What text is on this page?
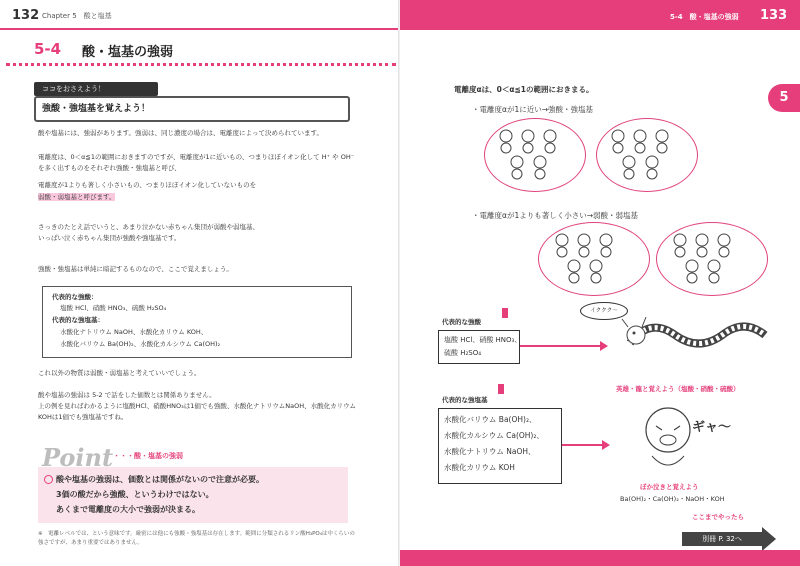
132 Chapter 5　酸と塩基
5-4 酸・塩基の強弱
ココをおさえよう！
強酸・強塩基を覚えよう！
酸や塩基には、強弱があります。強弱は、同じ濃度の場合は、電離度によって決められています。
電離度は、0＜α≦1の範囲におきますのですが、電離度が1に近いもの、つまりほぼイオン化して H⁺ や OH⁻ を多く出すものをそれぞれ強酸・強塩基と呼び、
電離度が1よりも著しく小さいもの、つまりほぼイオン化していないものを
弱酸・弱塩基と呼びます。
さっきのたとえ話でいうと、あまり泣かない赤ちゃん集団が弱酸や弱塩基、
いっぱい泣く赤ちゃん集団が強酸や強塩基です。
強酸・強塩基は単純に暗記するものなので、ここで覚えましょう。
代表的な強酸：
塩酸 HCl、硝酸 HNO₃、硫酸 H₂SO₄
代表的な強塩基：
水酸化ナトリウム NaOH、水酸化カリウム KOH、
水酸化バリウム Ba(OH)₂、水酸化カルシウム Ca(OH)₂
これ以外の物質は弱酸・弱塩基と考えていいでしょう。
酸や塩基の強弱は 5-2 で話をした価数とは関係ありません。
上の例を見ればわかるように塩酸HCl、硝酸HNO₃は1価でも強酸、水酸化ナトリウムNaOH、水酸化カリウムKOHは1価でも強塩基ですね。
Point ・・・酸・塩基の強弱
酸や塩基の強弱は、価数とは関係がないので注意が必要。
3価の酸だから強酸、というわけではない。
あくまで電離度の大小で強弱が決まる。
※　電離レベルでは、という意味です。厳密には他にも強酸・強塩基は存在します。範囲に分類されるリン酸H₃PO₄は中くらいの強さですが、あまり重要ではありません。
5-4　酸・塩基の強弱 133
5
電離度αは、0＜α≦1の範囲におきまる。
・電離度αが1に近い→強酸・強塩基
・電離度αが1よりも著しく小さい→弱酸・弱塩基
代表的な強酸
塩酸 HCl、硝酸 HNO₃、
硫酸 H₂SO₄
イククク～
英雄・龍と覚えよう（塩酸・硝酸・硫酸）
代表的な強塩基
水酸化バリウム Ba(OH)₂、
水酸化カルシウム Ca(OH)₂、
水酸化ナトリウム NaOH、
水酸化カリウム KOH
ギャ～
ぼか泣きと覚えよう
Ba(OH)₂・Ca(OH)₂・NaOH・KOH
ここまでやったら
別冊 P. 32へ
